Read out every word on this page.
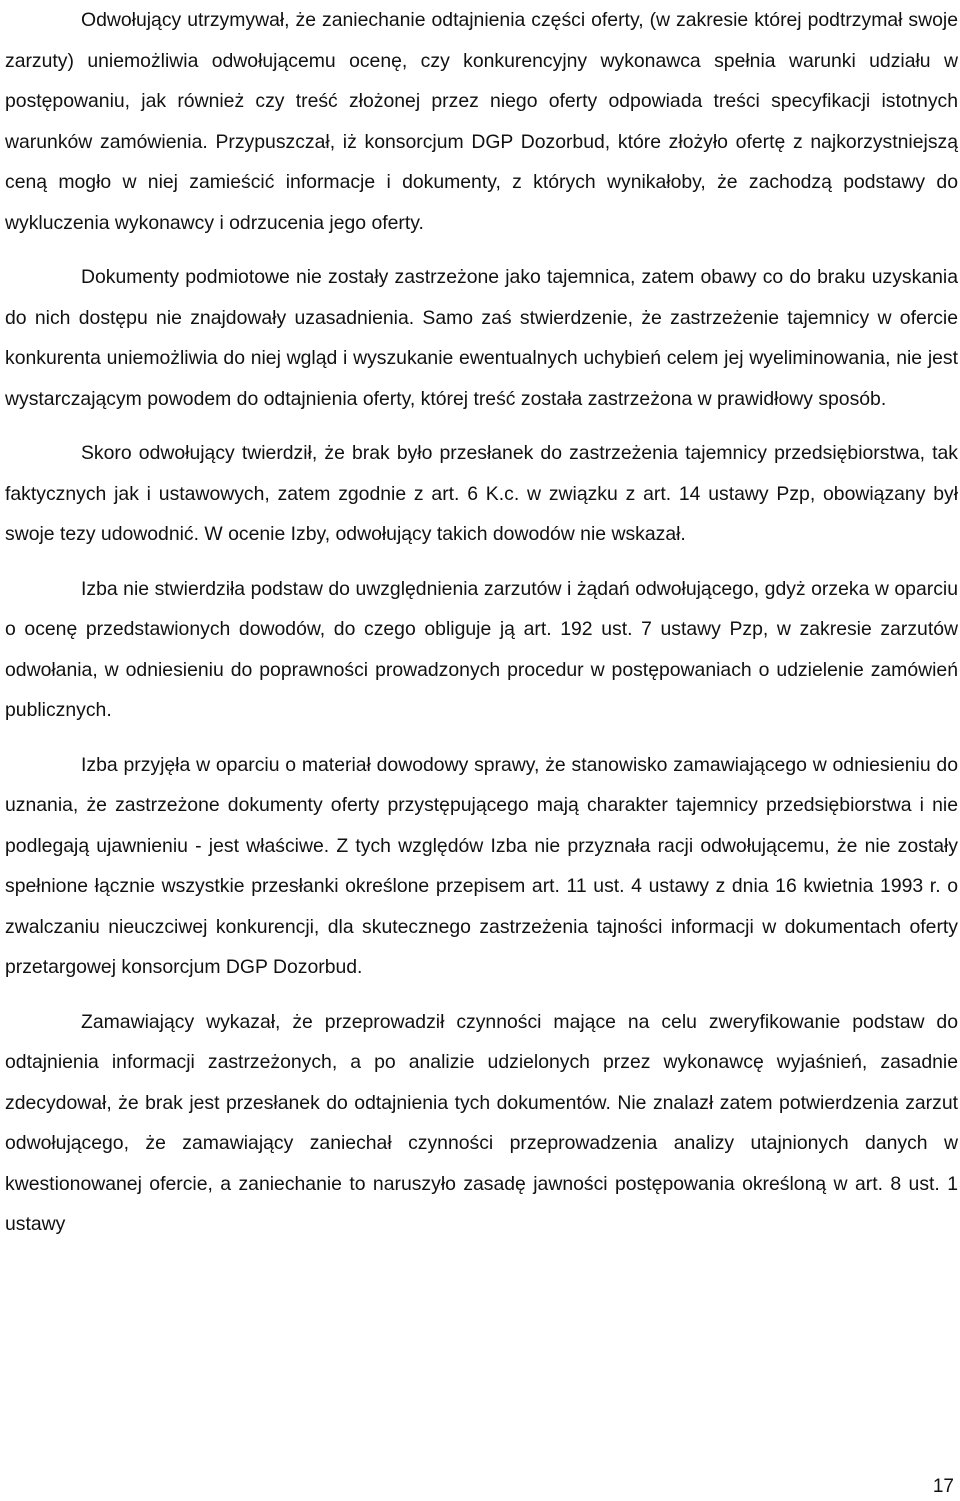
Odwołujący utrzymywał, że zaniechanie odtajnienia części oferty, (w zakresie której podtrzymał swoje zarzuty) uniemożliwia odwołującemu ocenę, czy konkurencyjny wykonawca spełnia warunki udziału w postępowaniu, jak również czy treść złożonej przez niego oferty odpowiada treści specyfikacji istotnych warunków zamówienia. Przypuszczał, iż konsorcjum DGP Dozorbud, które złożyło ofertę z najkorzystniejszą ceną mogło w niej zamieścić informacje i dokumenty, z których wynikałoby, że zachodzą podstawy do wykluczenia wykonawcy i odrzucenia jego oferty.

Dokumenty podmiotowe nie zostały zastrzeżone jako tajemnica, zatem obawy co do braku uzyskania do nich dostępu nie znajdowały uzasadnienia. Samo zaś stwierdzenie, że zastrzeżenie tajemnicy w ofercie konkurenta uniemożliwia do niej wgląd i wyszukanie ewentualnych uchybień celem jej wyeliminowania, nie jest wystarczającym powodem do odtajnienia oferty, której treść została zastrzeżona w prawidłowy sposób.

Skoro odwołujący twierdził, że brak było przesłanek do zastrzeżenia tajemnicy przedsiębiorstwa, tak faktycznych jak i ustawowych, zatem zgodnie z art. 6 K.c. w związku z art. 14 ustawy Pzp, obowiązany był swoje tezy udowodnić. W ocenie Izby, odwołujący takich dowodów nie wskazał.

Izba nie stwierdziła podstaw do uwzględnienia zarzutów i żądań odwołującego, gdyż orzeka w oparciu o ocenę przedstawionych dowodów, do czego obliguje ją art. 192 ust. 7 ustawy Pzp, w zakresie zarzutów odwołania, w odniesieniu do poprawności prowadzonych procedur w postępowaniach o udzielenie zamówień publicznych.

Izba przyjęła w oparciu o materiał dowodowy sprawy, że stanowisko zamawiającego w odniesieniu do uznania, że zastrzeżone dokumenty oferty przystępującego mają charakter tajemnicy przedsiębiorstwa i nie podlegają ujawnieniu - jest właściwe. Z tych względów Izba nie przyznała racji odwołującemu, że nie zostały spełnione łącznie wszystkie przesłanki określone przepisem art. 11 ust. 4 ustawy z dnia 16 kwietnia 1993 r. o zwalczaniu nieuczciwej konkurencji, dla skutecznego zastrzeżenia tajności informacji w dokumentach oferty przetargowej konsorcjum DGP Dozorbud.

Zamawiający wykazał, że przeprowadził czynności mające na celu zweryfikowanie podstaw do odtajnienia informacji zastrzeżonych, a po analizie udzielonych przez wykonawcę wyjaśnień, zasadnie zdecydował, że brak jest przesłanek do odtajnienia tych dokumentów. Nie znalazł zatem potwierdzenia zarzut odwołującego, że zamawiający zaniechał czynności przeprowadzenia analizy utajnionych danych w kwestionowanej ofercie, a zaniechanie to naruszyło zasadę jawności postępowania określoną w art. 8 ust. 1 ustawy

17
